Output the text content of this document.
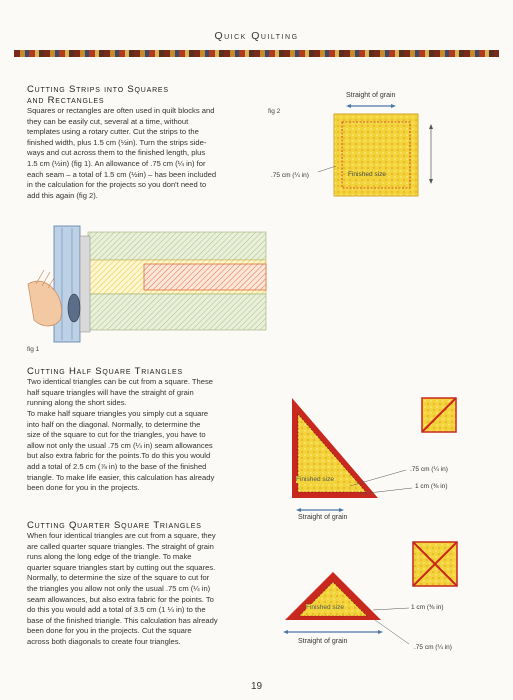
Quick Quilting
Cutting Strips into Squares
and Rectangles
Squares or rectangles are often used in quilt blocks and
they can be easily cut, several at a time, without
templates using a rotary cutter. Cut the strips to the
finished width, plus 1.5 cm (½in). Turn the strips side-
ways and cut across them to the finished length, plus
1.5 cm (½in) (fig 1). An allowance of .75 cm (¼ in) for
each seam – a total of 1.5 cm (½in) – has been included
in the calculation for the projects so you don't need to
add this again (fig 2).
fig 2
Straight of grain
.75 cm (¼ in)	Finished size
fig 1
Cutting Half Square Triangles
Two identical triangles can be cut from a square. These
half square triangles will have the straight of grain
running along the short sides.
To make half square triangles you simply cut a square
into half on the diagonal. Normally, to determine the
size of the square to cut for the triangles, you have to
allow not only the usual .75 cm (¼ in) seam allowances
but also extra fabric for the points.To do this you would
add a total of 2.5 cm (⅞ in) to the base of the finished
triangle. To make life easier, this calculation has already
been done for you in the projects.
Finished size
.75 cm (¼ in)
1 cm (⅜ in)
Straight of grain
Cutting Quarter Square Triangles
When four identical triangles are cut from a square, they
are called quarter square triangles. The straight of grain
runs along the long edge of the triangle. To make
quarter square triangles start by cutting out the squares.
Normally, to determine the size of the square to cut for
the triangles you allow not only the usual .75 cm (¼ in)
seam allowances, but also extra fabric for the points. To
do this you would add a total of 3.5 cm (1 ¼ in) to the
base of the finished triangle. This calculation has already
been done for you in the projects. Cut the square
across both diagonals to create four triangles.
Finished size	1 cm (⅜ in)
Straight of grain
.75 cm (¼ in)
19
